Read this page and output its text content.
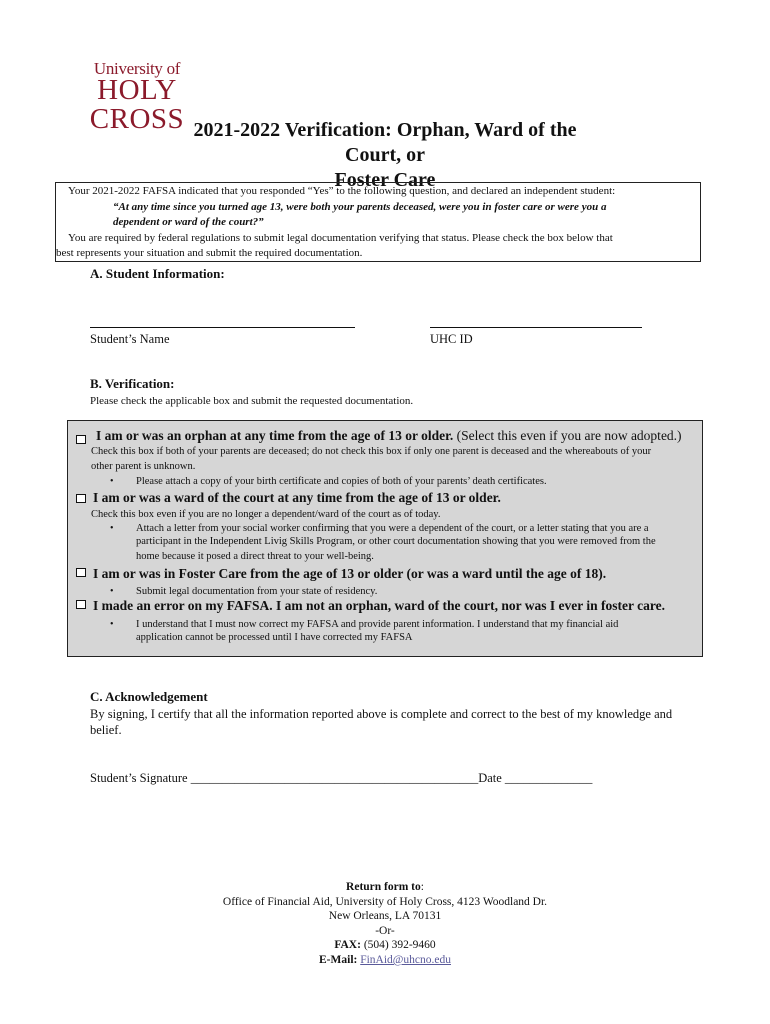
University of
HOLY
CROSS 2021-2022 Verification: Orphan, Ward of the Court, or
Foster Care
Your 2021-2022 FAFSA indicated that you responded “Yes” to the following question, and declared an independent student:
“At any time since you turned age 13, were both your parents deceased, were you in foster care or were you a
dependent or ward of the court?”
You are required by federal regulations to submit legal documentation verifying that status. Please check the box below that
best represents your situation and submit the required documentation.
A. Student Information:
Student’s Name	UHC ID
B. Verification:
Please check the applicable box and submit the requested documentation.
I am or was an orphan at any time from the age of 13 or older. (Select this even if you are now adopted.)
Check this box if both of your parents are deceased; do not check this box if only one parent is deceased and the whereabouts of your
other parent is unknown.
• Please attach a copy of your birth certificate and copies of both of your parents’ death certificates.
I am or was a ward of the court at any time from the age of 13 or older.
Check this box even if you are no longer a dependent/ward of the court as of today.
• Attach a letter from your social worker confirming that you were a dependent of the court, or a letter stating that you are a
participant in the Independent Livig Skills Program, or other court documentation showing that you were removed from the
home because it posed a direct threat to your well-being.
I am or was in Foster Care from the age of 13 or older (or was a ward until the age of 18).
• Submit legal documentation from your state of residency.
I made an error on my FAFSA. I am not an orphan, ward of the court, nor was I ever in foster care.
• I understand that I must now correct my FAFSA and provide parent information. I understand that my financial aid
application cannot be processed until I have corrected my FAFSA
C. Acknowledgement
By signing, I certify that all the information reported above is complete and correct to the best of my knowledge and
belief.
Student’s Signature ______________________________________________Date ______________
Return form to:
Office of Financial Aid, University of Holy Cross, 4123 Woodland Dr.
New Orleans, LA 70131
-Or-
FAX: (504) 392-9460
E-Mail: FinAid@uhcno.edu
